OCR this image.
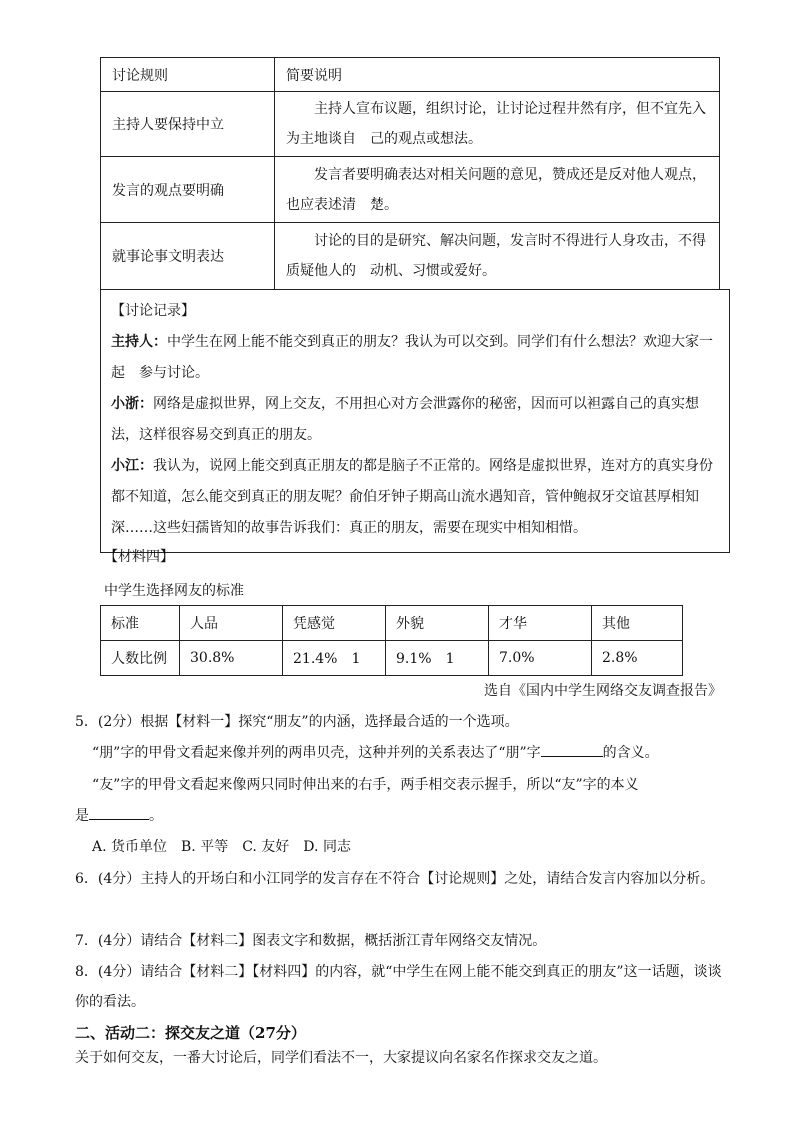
讨论规则	简要说明
主持人要保持中立	主持人宣布议题，组织讨论，让讨论过程井然有序，但不宜先入为主地谈自　己的观点或想法。

发言的观点要明确	发言者要明确表达对相关问题的意见，赞成还是反对他人观点，也应表述清　楚。

就事论事文明表达	讨论的目的是研究、解决问题，发言时不得进行人身攻击，不得质疑他人的　动机、习惯或爱好。
【讨论记录】
主持人：中学生在网上能不能交到真正的朋友？我认为可以交到。同学们有什么想法？欢迎大家一起　参与讨论。
小浙：网络是虚拟世界，网上交友，不用担心对方会泄露你的秘密，因而可以袒露自己的真实想法，这样很容易交到真正的朋友。
小江：我认为，说网上能交到真正朋友的都是脑子不正常的。网络是虚拟世界，连对方的真实身份都不知道，怎么能交到真正的朋友呢？俞伯牙钟子期高山流水遇知音，管仲鲍叔牙交谊甚厚相知深……这些妇孺皆知的故事告诉我们：真正的朋友，需要在现实中相知相惜。
【材料四】
中学生选择网友的标准
标准	人品	凭感觉	外貌	才华	其他
人数比例	30.8%	21.4%　1	9.1%　1	7.0%	2.8%
选自《国内中学生网络交友调查报告》
5．(2分）根据【材料一】探究“朋友”的内涵，选择最合适的一个选项。
“朋”字的甲骨文看起来像并列的两串贝壳，这种并列的关系表达了“朋”字	的含义。
“友”字的甲骨文看起来像两只同时伸出来的右手，两手相交表示握手，所以“友”字的本义
是	。
A. 货币单位　B. 平等　C. 友好　D. 同志
6．(4分）主持人的开场白和小江同学的发言存在不符合【讨论规则】之处，请结合发言内容加以分析。
7．(4分）请结合【材料二】图表文字和数据，概括浙江青年网络交友情况。
8．(4分）请结合【材料二】【材料四】的内容，就“中学生在网上能不能交到真正的朋友”这一话题，谈谈你的看法。
二、活动二：探交友之道（27分）
关于如何交友，一番大讨论后，同学们看法不一，大家提议向名家名作探求交友之道。
